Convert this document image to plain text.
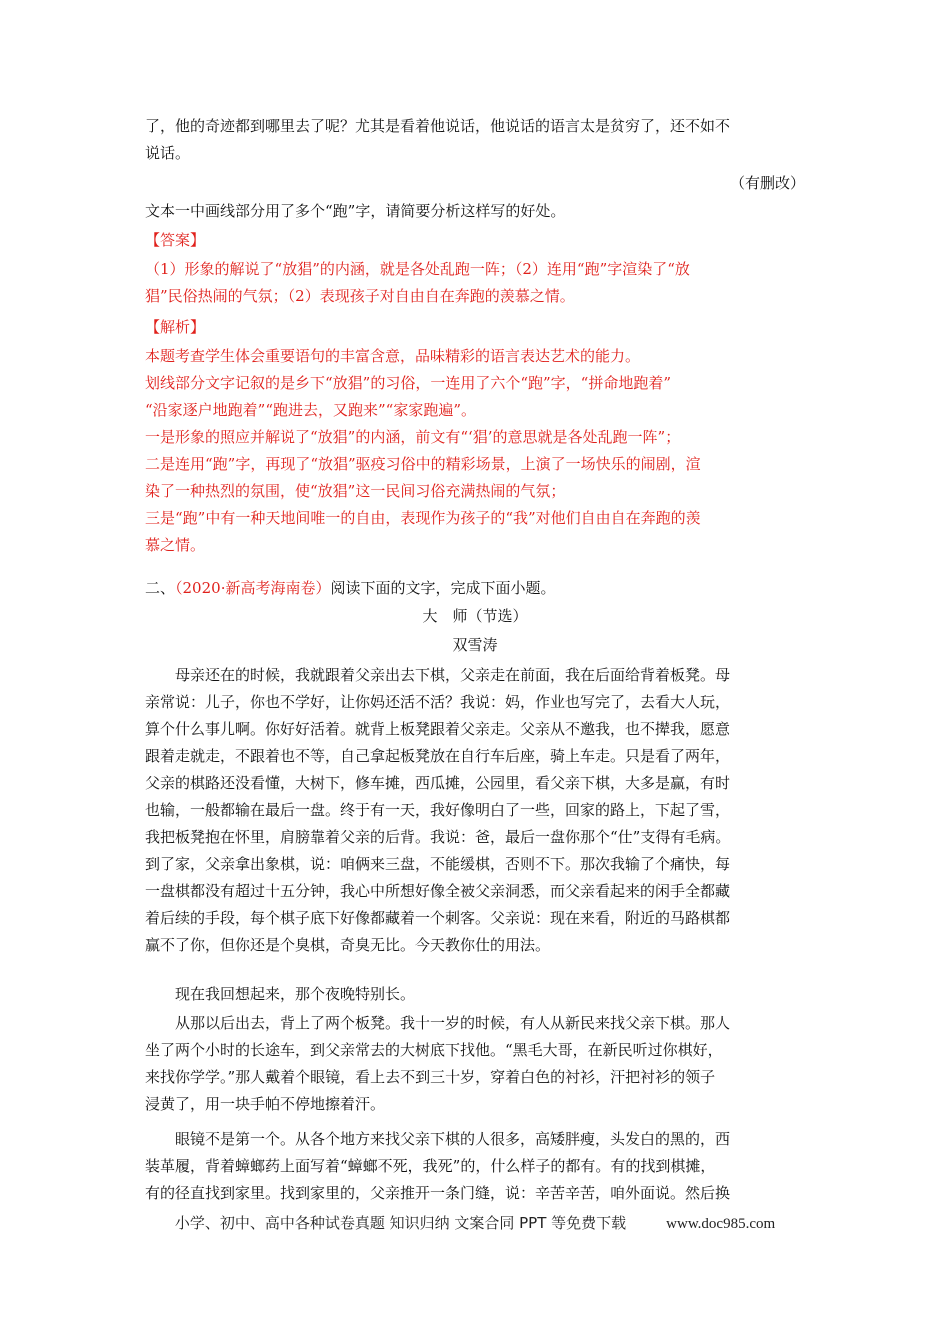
了，他的奇迹都到哪里去了呢？尤其是看着他说话，他说话的语言太是贫穷了，还不如不
说话。
（有删改）
文本一中画线部分用了多个“跑”字，请简要分析这样写的好处。
【答案】
（1）形象的解说了“放猖”的内涵，就是各处乱跑一阵；（2）连用“跑”字渲染了“放
猖”民俗热闹的气氛；（2）表现孩子对自由自在奔跑的羡慕之情。
【解析】
本题考查学生体会重要语句的丰富含意，品味精彩的语言表达艺术的能力。
划线部分文字记叙的是乡下“放猖”的习俗，一连用了六个“跑”字，“拼命地跑着”
“沿家逐户地跑着”“跑进去，又跑来”“家家跑遍”。
一是形象的照应并解说了“放猖”的内涵，前文有“‘猖’的意思就是各处乱跑一阵”；
二是连用“跑”字，再现了“放猖”驱疫习俗中的精彩场景，上演了一场快乐的闹剧，渲
染了一种热烈的氛围，使“放猖”这一民间习俗充满热闹的气氛；
三是“跑”中有一种天地间唯一的自由，表现作为孩子的“我”对他们自由自在奔跑的羡
慕之情。
二、（2020·新高考海南卷）阅读下面的文字，完成下面小题。
大　师（节选）
双雪涛
母亲还在的时候，我就跟着父亲出去下棋，父亲走在前面，我在后面给背着板凳。母
亲常说：儿子，你也不学好，让你妈还活不活？我说：妈，作业也写完了，去看大人玩，
算个什么事儿啊。你好好活着。就背上板凳跟着父亲走。父亲从不邀我，也不撵我，愿意
跟着走就走，不跟着也不等，自己拿起板凳放在自行车后座，骑上车走。只是看了两年，
父亲的棋路还没看懂，大树下，修车摊，西瓜摊，公园里，看父亲下棋，大多是赢，有时
也输，一般都输在最后一盘。终于有一天，我好像明白了一些，回家的路上，下起了雪，
我把板凳抱在怀里，肩膀靠着父亲的后背。我说：爸，最后一盘你那个“仕”支得有毛病。
到了家，父亲拿出象棋，说：咱俩来三盘，不能缓棋，否则不下。那次我输了个痛快，每
一盘棋都没有超过十五分钟，我心中所想好像全被父亲洞悉，而父亲看起来的闲手全都藏
着后续的手段，每个棋子底下好像都藏着一个刺客。父亲说：现在来看，附近的马路棋都
赢不了你，但你还是个臭棋，奇臭无比。今天教你仕的用法。
现在我回想起来，那个夜晚特别长。
从那以后出去，背上了两个板凳。我十一岁的时候，有人从新民来找父亲下棋。那人
坐了两个小时的长途车，到父亲常去的大树底下找他。“黑毛大哥，在新民听过你棋好，
来找你学学。”那人戴着个眼镜，看上去不到三十岁，穿着白色的衬衫，汗把衬衫的领子
浸黄了，用一块手帕不停地擦着汗。
眼镜不是第一个。从各个地方来找父亲下棋的人很多，高矮胖瘦，头发白的黑的，西
装革履，背着蟑螂药上面写着“蟑螂不死，我死”的，什么样子的都有。有的找到棋摊，
有的径直找到家里。找到家里的，父亲推开一条门缝，说：辛苦辛苦，咱外面说。然后换
小学、初中、高中各种试卷真题 知识归纳 文案合同 PPT 等免费下载	www.doc985.com
